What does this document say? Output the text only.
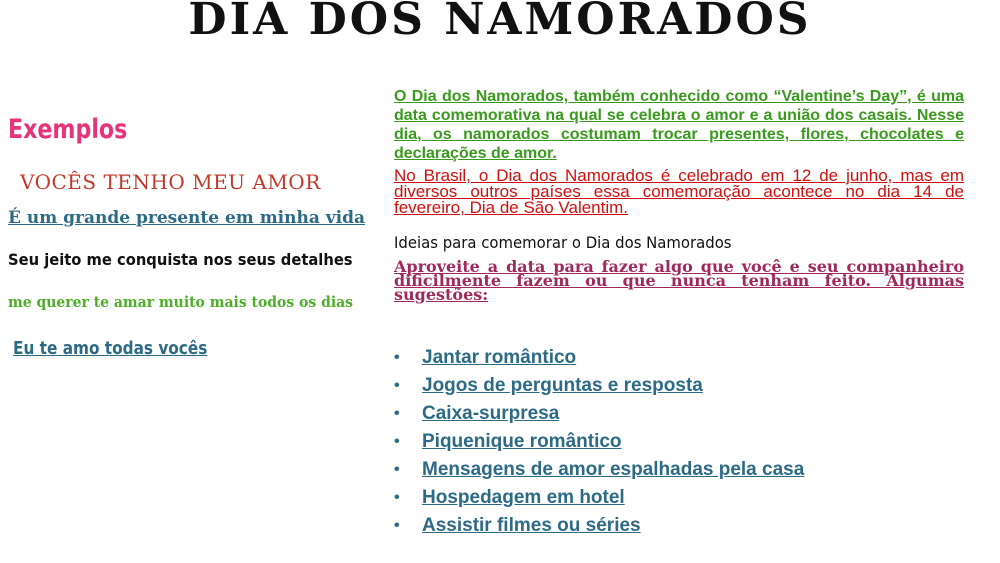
DIA DOS NAMORADOS
Exemplos
VOCÊS TENHO MEU AMOR
É um grande presente em minha vida
Seu jeito me conquista nos seus detalhes
me querer te amar muito mais todos os dias
Eu te amo todas vocês

O Dia dos Namorados, também conhecido como “Valentine’s Day”, é uma data comemorativa na qual se celebra o amor e a união dos casais. Nesse dia, os namorados costumam trocar presentes, flores, chocolates e declarações de amor.

No Brasil, o Dia dos Namorados é celebrado em 12 de junho, mas em diversos outros países essa comemoração acontece no dia 14 de fevereiro, Dia de São Valentim.

Ideias para comemorar o Dia dos Namorados

Aproveite a data para fazer algo que você e seu companheiro dificilmente fazem ou que nunca tenham feito. Algumas sugestões:

•	Jantar romântico
•	Jogos de perguntas e resposta
•	Caixa-surpresa
•	Piquenique romântico
•	Mensagens de amor espalhadas pela casa
•	Hospedagem em hotel
•	Assistir filmes ou séries
